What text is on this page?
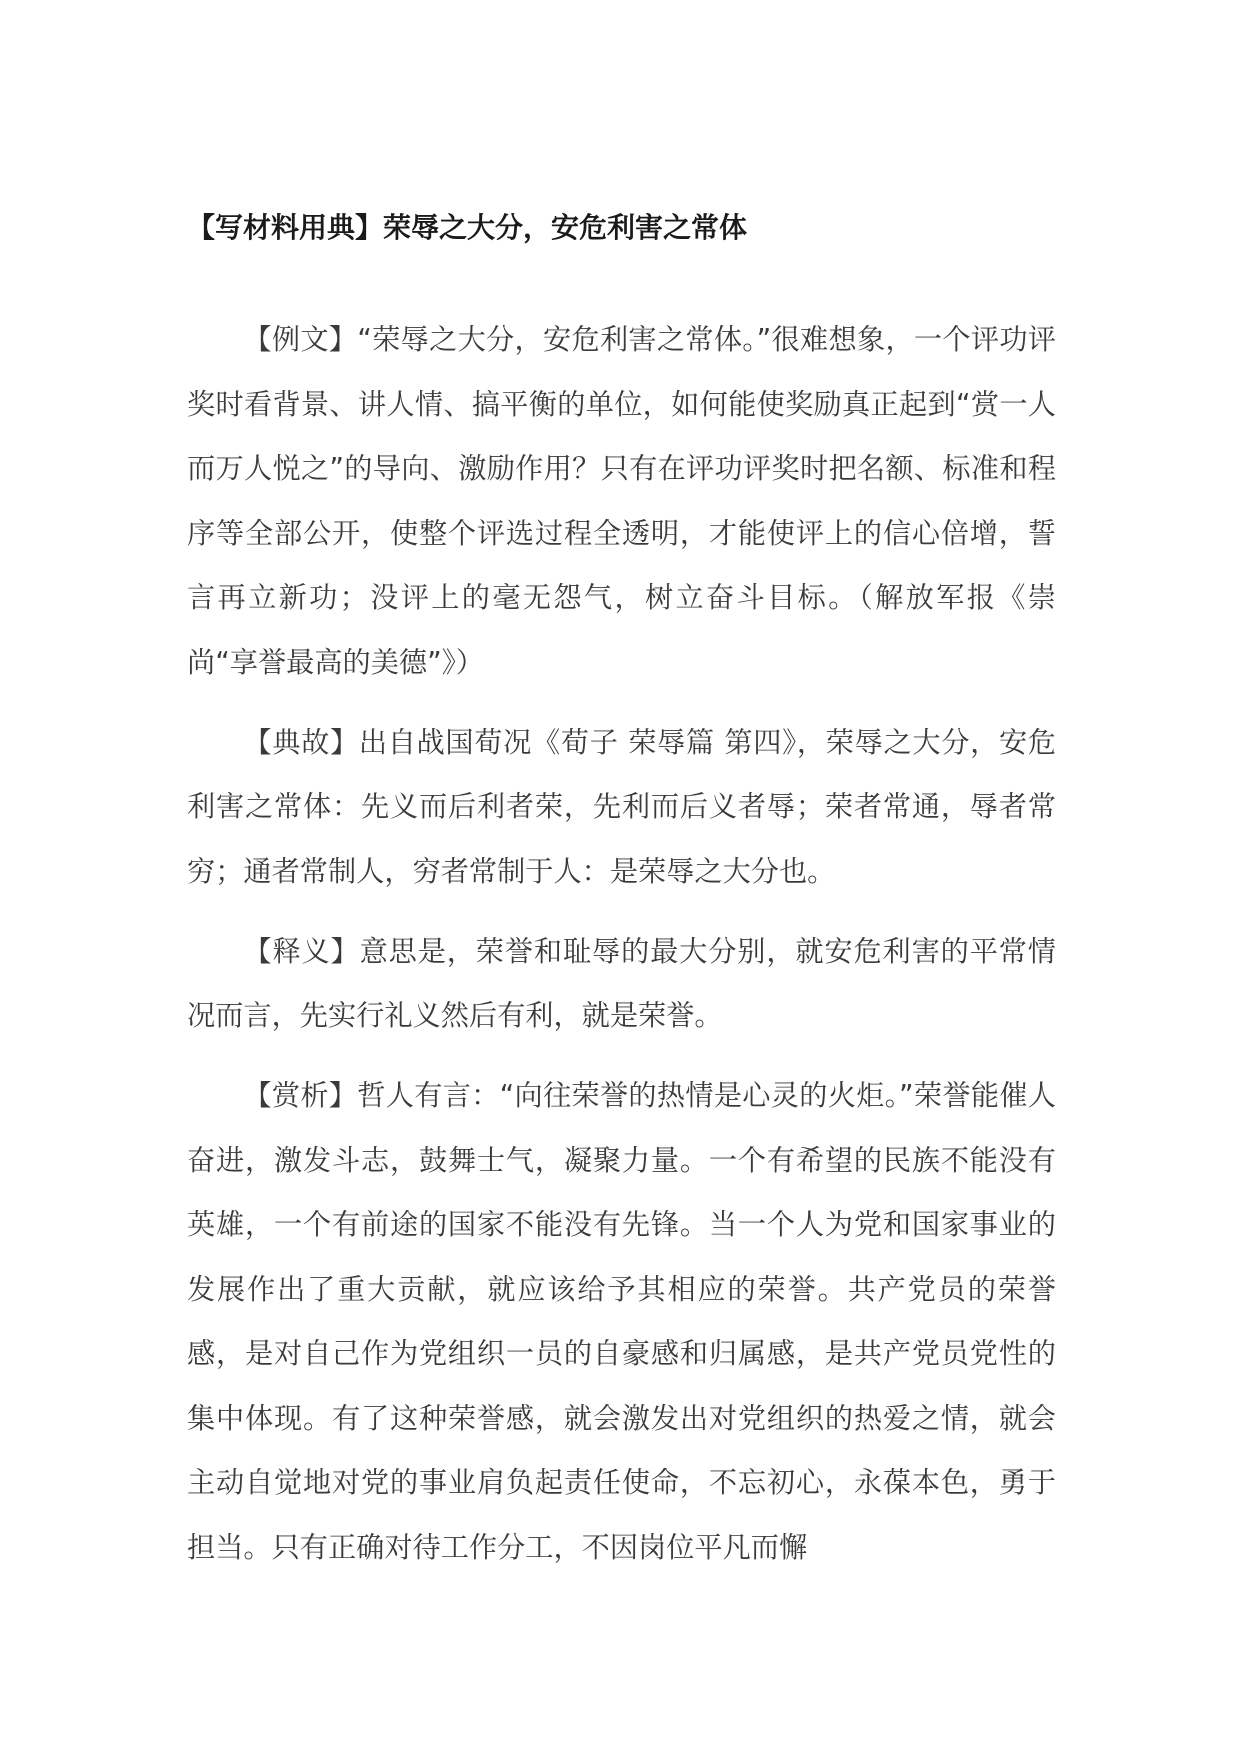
【写材料用典】荣辱之大分，安危利害之常体

【例文】“荣辱之大分，安危利害之常体。”很难想象，一个评功评奖时看背景、讲人情、搞平衡的单位，如何能使奖励真正起到“赏一人而万人悦之”的导向、激励作用？只有在评功评奖时把名额、标准和程序等全部公开，使整个评选过程全透明，才能使评上的信心倍增，誓言再立新功；没评上的毫无怨气，树立奋斗目标。（解放军报《崇尚“享誉最高的美德”》）

【典故】出自战国荀况《荀子 荣辱篇 第四》，荣辱之大分，安危利害之常体：先义而后利者荣，先利而后义者辱；荣者常通，辱者常穷；通者常制人，穷者常制于人：是荣辱之大分也。

【释义】意思是，荣誉和耻辱的最大分别，就安危利害的平常情况而言，先实行礼义然后有利，就是荣誉。

【赏析】哲人有言：“向往荣誉的热情是心灵的火炬。”荣誉能催人奋进，激发斗志，鼓舞士气，凝聚力量。一个有希望的民族不能没有英雄，一个有前途的国家不能没有先锋。当一个人为党和国家事业的发展作出了重大贡献，就应该给予其相应的荣誉。共产党员的荣誉感，是对自己作为党组织一员的自豪感和归属感，是共产党员党性的集中体现。有了这种荣誉感，就会激发出对党组织的热爱之情，就会主动自觉地对党的事业肩负起责任使命，不忘初心，永葆本色，勇于担当。只有正确对待工作分工，不因岗位平凡而懈
